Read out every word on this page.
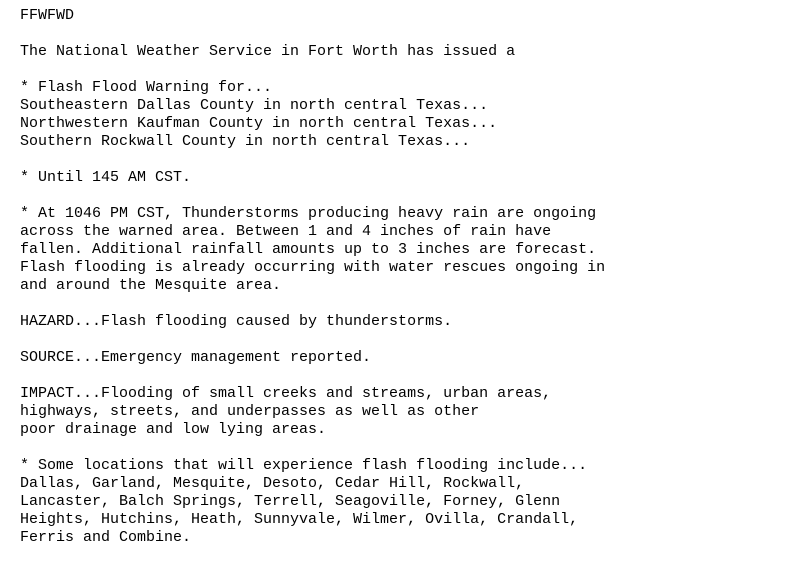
FFWFWD
The National Weather Service in Fort Worth has issued a
* Flash Flood Warning for...
Southeastern Dallas County in north central Texas...
Northwestern Kaufman County in north central Texas...
Southern Rockwall County in north central Texas...
* Until 145 AM CST.
* At 1046 PM CST, Thunderstorms producing heavy rain are ongoing
across the warned area. Between 1 and 4 inches of rain have
fallen. Additional rainfall amounts up to 3 inches are forecast.
Flash flooding is already occurring with water rescues ongoing in
and around the Mesquite area.
HAZARD...Flash flooding caused by thunderstorms.
SOURCE...Emergency management reported.
IMPACT...Flooding of small creeks and streams, urban areas,
highways, streets, and underpasses as well as other
poor drainage and low lying areas.
* Some locations that will experience flash flooding include...
Dallas, Garland, Mesquite, Desoto, Cedar Hill, Rockwall,
Lancaster, Balch Springs, Terrell, Seagoville, Forney, Glenn
Heights, Hutchins, Heath, Sunnyvale, Wilmer, Ovilla, Crandall,
Ferris and Combine.
